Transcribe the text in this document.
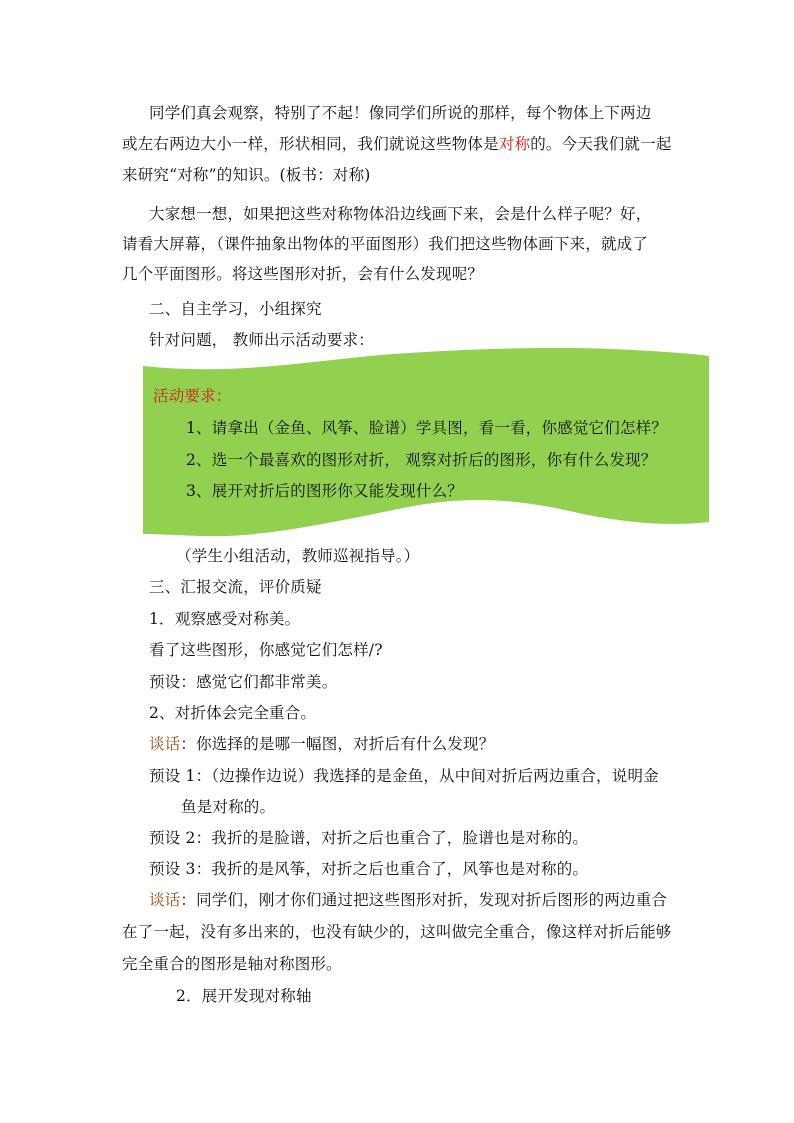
同学们真会观察，特别了不起！像同学们所说的那样，每个物体上下两边
或左右两边大小一样，形状相同，我们就说这些物体是对称的。今天我们就一起
来研究“对称”的知识。(板书：对称)
大家想一想，如果把这些对称物体沿边线画下来，会是什么样子呢？好，
请看大屏幕，（课件抽象出物体的平面图形）我们把这些物体画下来，就成了
几个平面图形。将这些图形对折，会有什么发现呢？
二、自主学习，小组探究
针对问题， 教师出示活动要求：
活动要求：
1、请拿出（金鱼、风筝、脸谱）学具图，看一看，你感觉它们怎样？
2、选一个最喜欢的图形对折， 观察对折后的图形，你有什么发现？
3、展开对折后的图形你又能发现什么？
（学生小组活动，教师巡视指导。）
三、汇报交流，评价质疑
1．观察感受对称美。
看了这些图形，你感觉它们怎样/?
预设：感觉它们都非常美。
2、对折体会完全重合。
谈话：你选择的是哪一幅图，对折后有什么发现？
预设 1：（边操作边说）我选择的是金鱼，从中间对折后两边重合，说明金
鱼是对称的。
预设 2：我折的是脸谱，对折之后也重合了，脸谱也是对称的。
预设 3：我折的是风筝，对折之后也重合了，风筝也是对称的。
谈话：同学们，刚才你们通过把这些图形对折，发现对折后图形的两边重合
在了一起，没有多出来的，也没有缺少的，这叫做完全重合，像这样对折后能够
完全重合的图形是轴对称图形。
2．展开发现对称轴
